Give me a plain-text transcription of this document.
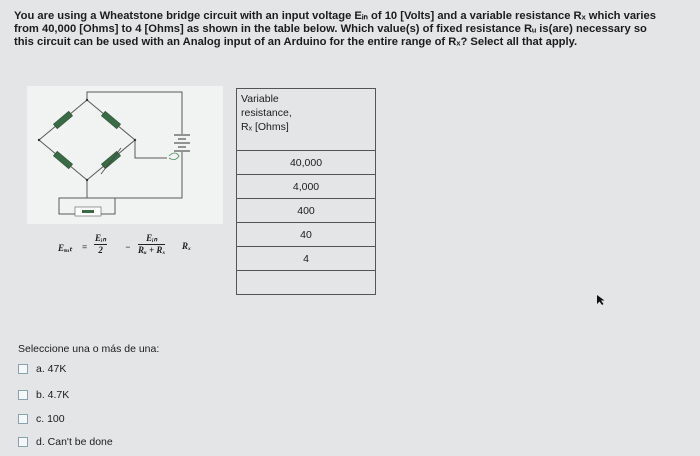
You are using a Wheatstone bridge circuit with an input voltage Eᵢₙ of 10 [Volts] and a variable resistance Rₓ which varies
from 40,000 [Ohms] to 4 [Ohms] as shown in the table below. Which value(s) of fixed resistance Rᵤ is(are) necessary so
this circuit can be used with an Analog input of an Arduino for the entire range of Rₓ? Select all that apply.
Eₒᵤₜ =
Eᵢₙ
2	−
Eᵢₙ
Rᵤ + Rₓ Rₓ
Variable
resistance,
Rₓ [Ohms]
40,000
4,000
400
40
4

Seleccione una o más de una:
a. 47K
b. 4.7K
c. 100
d. Can't be done
